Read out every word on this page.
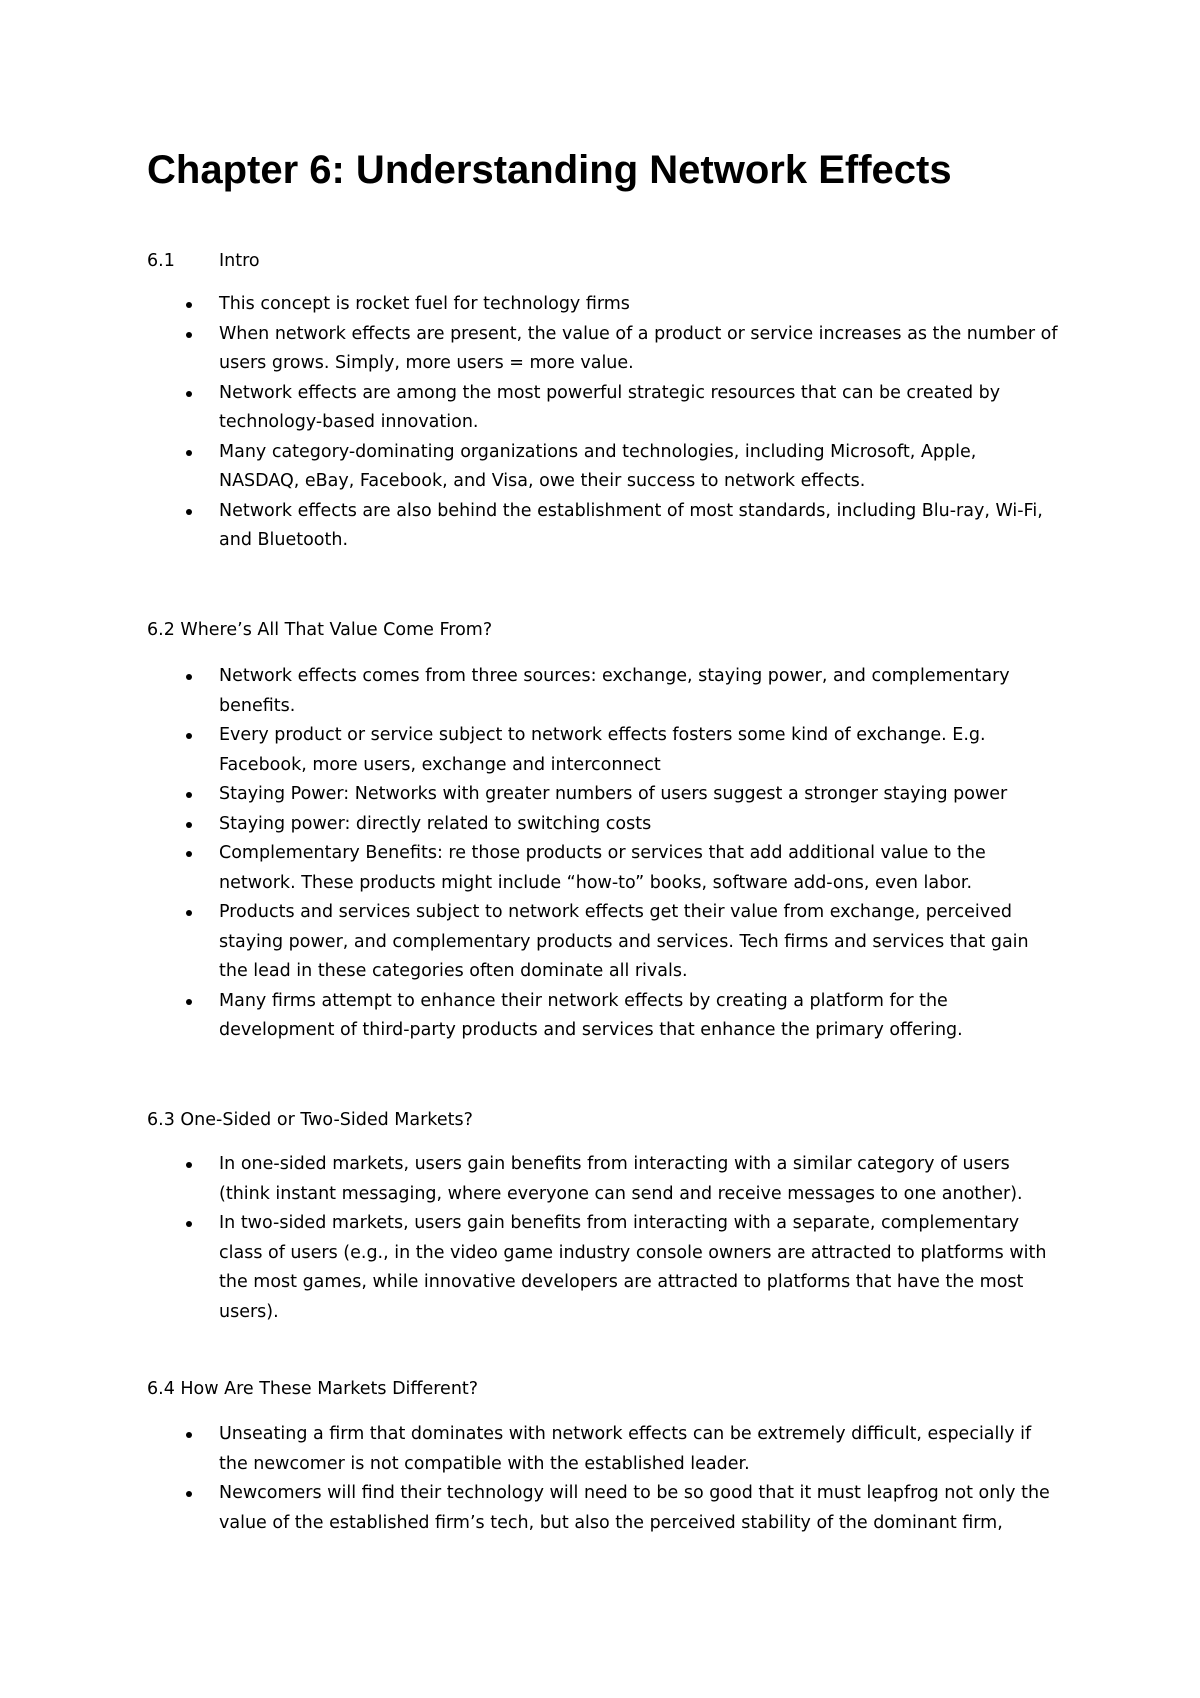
Chapter 6: Understanding Network Effects
6.1	Intro
This concept is rocket fuel for technology firms
When network effects are present, the value of a product or service increases as the number of users grows. Simply, more users = more value.
Network effects are among the most powerful strategic resources that can be created by technology-based innovation.
Many category-dominating organizations and technologies, including Microsoft, Apple, NASDAQ, eBay, Facebook, and Visa, owe their success to network effects.
Network effects are also behind the establishment of most standards, including Blu-ray, Wi-Fi, and Bluetooth.
6.2 Where’s All That Value Come From?
Network effects comes from three sources: exchange, staying power, and complementary benefits.
Every product or service subject to network effects fosters some kind of exchange. E.g. Facebook, more users, exchange and interconnect
Staying Power: Networks with greater numbers of users suggest a stronger staying power
Staying power: directly related to switching costs
Complementary Benefits: re those products or services that add additional value to the network. These products might include “how-to” books, software add-ons, even labor.
Products and services subject to network effects get their value from exchange, perceived staying power, and complementary products and services. Tech firms and services that gain the lead in these categories often dominate all rivals.
Many firms attempt to enhance their network effects by creating a platform for the development of third-party products and services that enhance the primary offering.
6.3 One-Sided or Two-Sided Markets?
In one-sided markets, users gain benefits from interacting with a similar category of users (think instant messaging, where everyone can send and receive messages to one another).
In two-sided markets, users gain benefits from interacting with a separate, complementary class of users (e.g., in the video game industry console owners are attracted to platforms with the most games, while innovative developers are attracted to platforms that have the most users).
6.4 How Are These Markets Different?
Unseating a firm that dominates with network effects can be extremely difficult, especially if the newcomer is not compatible with the established leader.
Newcomers will find their technology will need to be so good that it must leapfrog not only the value of the established firm’s tech, but also the perceived stability of the dominant firm,
